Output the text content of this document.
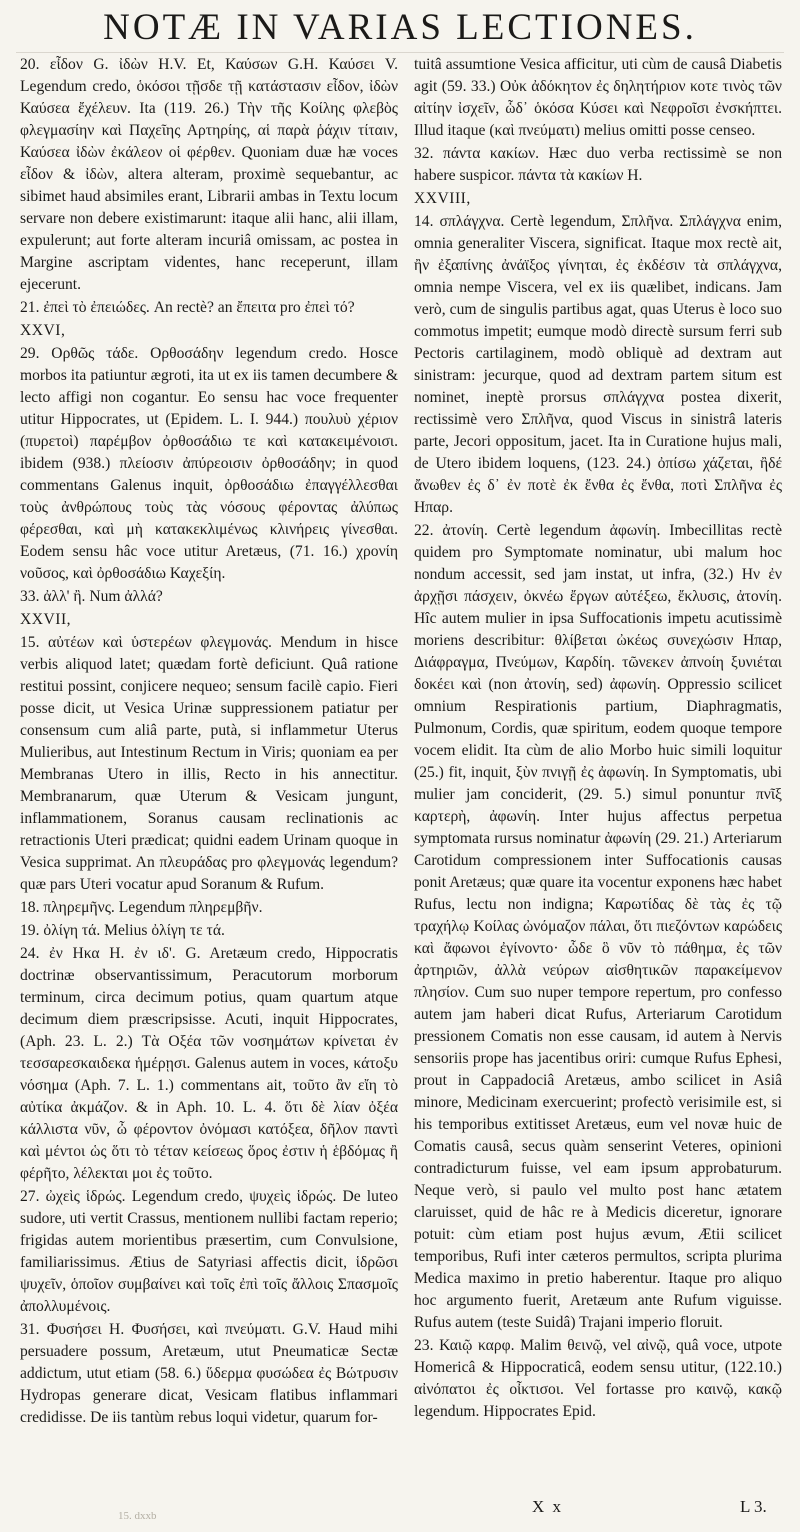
NOTÆ IN VARIAS LECTIONES.

20. εἶδον G. ἰδὼν H.V. Et, Καύσων G.H. Καύσει V. Legendum credo, ὁκόσοι τῇσδε τῇ κατάστασιν εἶδον, ἰδὼν Καύσεα ἔχέλευν. Ita (119. 26.) Τὴν τῆς Κοίλης φλεβὸς φλεγμασίην καὶ Παχεῖης Αρτηρίης, αἱ παρὰ ῥάχιν τίταιν, Καύσεα ἰδὼν ἐκάλεον οἱ φέρθεν. Quoniam duæ hæ voces εἶδον & ἰδὼν, altera alteram, proximè sequebantur, ac sibimet haud absimiles erant, Librarii ambas in Textu locum servare non debere existimarunt: itaque alii hanc, alii illam, expulerunt; aut forte alteram incuriâ omissam, ac postea in Margine ascriptam videntes, hanc receperunt, illam ejecerunt.

21. ἐπεὶ τὸ ἐπειώδες. An rectè? an ἔπειτα pro ἐπεὶ τό?

XXVI,

29. Ορθῶς τάδε. Ορθοσάδην legendum credo. Hosce morbos ita patiuntur ægroti, ita ut ex iis tamen decumbere & lecto affigi non cogantur. Eo sensu hac voce frequenter utitur Hippocrates, ut (Epidem. L. I. 944.) πουλυὺ χέριον (πυρετοὶ) παρέμβον ὀρθοσάδιω τε καὶ κατακειμένοισι. ibidem (938.) πλείοσιν ἀπύρεοισιν ὀρθοσάδην; in quod commentans Galenus inquit, ὀρθοσάδιω ἐπαγγέλλεσθαι τοὺς ἀνθρώπους τοὺς τὰς νόσους φέροντας ἀλύπως φέρεσθαι, καὶ μὴ κατακεκλιμένως κλινήρεις γίνεσθαι. Eodem sensu hâc voce utitur Aretæus, (71. 16.) χρονίη νοῦσος, καὶ ὀρθοσάδιω Καχεξίη.

33. ἀλλ' ἢ. Num ἀλλά?

XXVII,

15. αὐτέων καὶ ὑστερέων φλεγμονάς. Mendum in hisce verbis aliquod latet; quædam fortè deficiunt. Quâ ratione restitui possint, conjicere nequeo; sensum facilè capio. Fieri posse dicit, ut Vesica Urinæ suppressionem patiatur per consensum cum aliâ parte, putà, si inflammetur Uterus Mulieribus, aut Intestinum Rectum in Viris; quoniam ea per Membranas Utero in illis, Recto in his annectitur. Membranarum, quæ Uterum & Vesicam jungunt, inflammationem, Soranus causam reclinationis ac retractionis Uteri prædicat; quidni eadem Urinam quoque in Vesica supprimat. An πλευράδας pro φλεγμονάς legendum? quæ pars Uteri vocatur apud Soranum & Rufum.

18. πληρεμῆνς. Legendum πληρεμβῆν.

19. ὀλίγη τά. Melius ὀλίγη τε τά.

24. ἐν Ηκα H. ἐν ιδ'. G. Aretæum credo, Hippocratis doctrinæ observantissimum, Peracutorum morborum terminum, circa decimum potius, quam quartum atque decimum diem præscripsisse. Acuti, inquit Hippocrates, (Aph. 23. L. 2.) Τὰ Οξέα τῶν νοσημάτων κρίνεται ἐν τεσσαρεσκαιδεκα ἡμέρῃσι. Galenus autem in voces, κάτοξυ νόσημα (Aph. 7. L. 1.) commentans ait, τοῦτο ἂν εἴη τὸ αὐτίκα ἀκμάζον. & in Aph. 10. L. 4. ὅτι δὲ λίαν ὀξέα κάλλιστα νῦν, ὦ φέροντον ὀνόμασι κατόξεα, δῆλον παντὶ καὶ μέντοι ὡς ὅτι τὸ τέταν κείσεως ὅρος ἐστιν ἡ ἑβδόμας ἢ φέρῆτο, λέλεκται μοι ἐς τοῦτο.

27. ὠχεὶς ἱδρώς. Legendum credo, ψυχεὶς ἱδρώς. De luteo sudore, uti vertit Crassus, mentionem nullibi factam reperio; frigidas autem morientibus præsertim, cum Convulsione, familiarissimus. Ætius de Satyriasi affectis dicit, ἱδρῶσι ψυχεῖν, ὁποῖον συμβαίνει καὶ τοῖς ἐπὶ τοῖς ἄλλοις Σπασμοῖς ἀπολλυμένοις.

31. Φυσήσει H. Φυσήσει, καὶ πνεύματι. G.V. Haud mihi persuadere possum, Aretæum, utut Pneumaticæ Sectæ addictum, utut etiam (58. 6.) ὕδερμα φυσώδεα ἐς Βώτρυσιν Hydropas generare dicat, Vesicam flatibus inflammari credidisse. De iis tantùm rebus loqui videtur, quarum for-

tuitâ assumtione Vesica afficitur, uti cùm de causâ Diabetis agit (59. 33.) Οὐκ ἀδόκητον ἐς δηλητήριον κοτε τινὸς τῶν αἰτίην ἰσχεῖν, ὧδ᾽ ὁκόσα Κύσει καὶ Νεφροῖσι ἐνσκήπτει. Illud itaque (καὶ πνεύματι) melius omitti posse censeo.

32. πάντα κακίων. Hæc duo verba rectissimè se non habere suspicor. πάντα τὰ κακίων H.

XXVIII,

14. σπλάγχνα. Certè legendum, Σπλῆνα. Σπλάγχνα enim, omnia generaliter Viscera, significat. Itaque mox rectè ait, ἢν ἐξαπίνης ἀνάϊξος γίνηται, ἐς ἐκδέσιν τὰ σπλάγχνα, omnia nempe Viscera, vel ex iis quælibet, indicans. Jam verò, cum de singulis partibus agat, quas Uterus è loco suo commotus impetit; eumque modò directè sursum ferri sub Pectoris cartilaginem, modò obliquè ad dextram aut sinistram: jecurque, quod ad dextram partem situm est nominet, ineptè prorsus σπλάγχνα postea dixerit, rectissimè vero Σπλῆνα, quod Viscus in sinistrâ lateris parte, Jecori oppositum, jacet. Ita in Curatione hujus mali, de Utero ibidem loquens, (123. 24.) ὀπίσω χάζεται, ἢδέ ἄνωθεν ἐς δ᾽ ἐν ποτὲ ἐκ ἔνθα ἐς ἔνθα, ποτὶ Σπλῆνα ἐς Ηπαρ.

22. ἀτονίη. Certè legendum ἀφωνίη. Imbecillitas rectè quidem pro Symptomate nominatur, ubi malum hoc nondum accessit, sed jam instat, ut infra, (32.) Ην ἐν ἀρχῇσι πάσχειν, ὀκνέω ἔργων αὐτέξεω, ἔκλυσις, ἀτονίη. Hîc autem mulier in ipsa Suffocationis impetu acutissimè moriens describitur: θλίβεται ὠκέως συνεχώσιν Ηπαρ, Διάφραγμα, Πνεύμων, Καρδίη. τῶνεκεν ἀπνοίη ξυνιέται δοκέει καὶ (non ἀτονίη, sed) ἀφωνίη. Oppressio scilicet omnium Respirationis partium, Diaphragmatis, Pulmonum, Cordis, quæ spiritum, eodem quoque tempore vocem elidit. Ita cùm de alio Morbo huic simili loquitur (25.) fit, inquit, ξὺν πνιγῇ ἐς ἀφωνίη. In Symptomatis, ubi mulier jam conciderit, (29. 5.) simul ponuntur πνῖξ καρτερὴ, ἀφωνίη. Inter hujus affectus perpetua symptomata rursus nominatur ἀφωνίη (29. 21.) Arteriarum Carotidum compressionem inter Suffocationis causas ponit Aretæus; quæ quare ita vocentur exponens hæc habet Rufus, lectu non indigna; Καρωτίδας δὲ τὰς ἐς τῷ τραχήλῳ Κοίλας ὠνόμαζον πάλαι, ὅτι πιεζόντων καρώδεις καὶ ἄφωνοι ἐγίνοντο· ὧδε ὃ νῦν τὸ πάθημα, ἐς τῶν ἀρτηριῶν, ἀλλὰ νεύρων αἰσθητικῶν παρακείμενον πλησίον. Cum suo nuper tempore repertum, pro confesso autem jam haberi dicat Rufus, Arteriarum Carotidum pressionem Comatis non esse causam, id autem à Nervis sensoriis prope has jacentibus oriri: cumque Rufus Ephesi, prout in Cappadociâ Aretæus, ambo scilicet in Asiâ minore, Medicinam exercuerint; profectò verisimile est, si his temporibus extitisset Aretæus, eum vel novæ huic de Comatis causâ, secus quàm senserint Veteres, opinioni contradicturum fuisse, vel eam ipsum approbaturum. Neque verò, si paulo vel multo post hanc ætatem claruisset, quid de hâc re à Medicis diceretur, ignorare potuit: cùm etiam post hujus ævum, Ætii scilicet temporibus, Rufi inter cæteros permultos, scripta plurima Medica maximo in pretio haberentur. Itaque pro aliquo hoc argumento fuerit, Aretæum ante Rufum viguisse. Rufus autem (teste Suidâ) Trajani imperio floruit.

23. Καιῷ καρφ. Malim θεινῷ, vel αἰνῷ, quâ voce, utpote Homericâ & Hippocraticâ, eodem sensu utitur, (122.10.) αἰνόπατοι ἐς οἶκτισοι. Vel fortasse pro καινῷ, κακῷ legendum. Hippocrates Epid.

X x	L 3.
15. dxxb
